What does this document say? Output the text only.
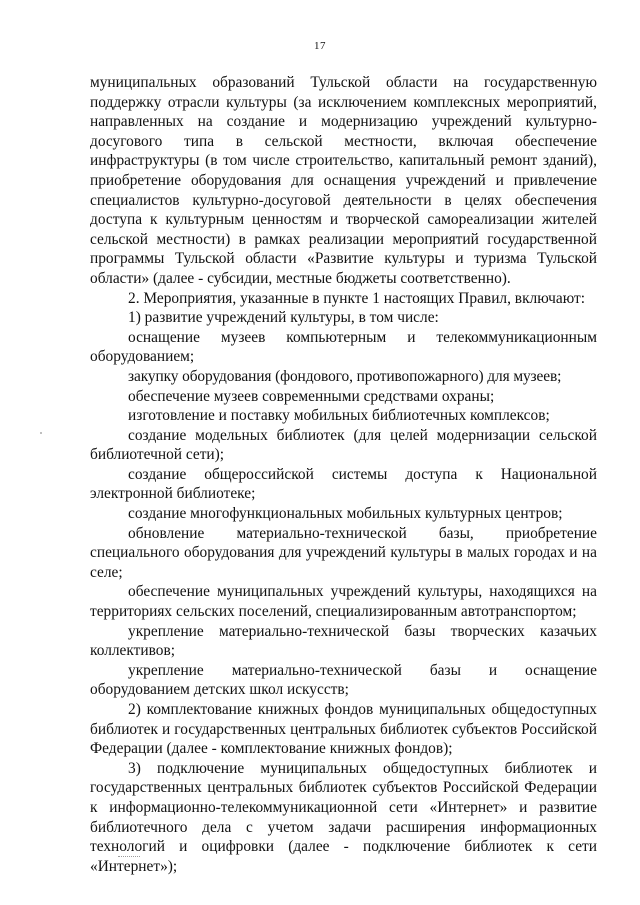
17

муниципальных образований Тульской области на государственную поддержку отрасли культуры (за исключением комплексных мероприятий, направленных на создание и модернизацию учреждений культурно-досугового типа в сельской местности, включая обеспечение инфраструктуры (в том числе строительство, капитальный ремонт зданий), приобретение оборудования для оснащения учреждений и привлечение специалистов культурно-досуговой деятельности в целях обеспечения доступа к культурным ценностям и творческой самореализации жителей сельской местности) в рамках реализации мероприятий государственной программы Тульской области «Развитие культуры и туризма Тульской области» (далее - субсидии, местные бюджеты соответственно).

2. Мероприятия, указанные в пункте 1 настоящих Правил, включают:

1) развитие учреждений культуры, в том числе:

оснащение музеев компьютерным и телекоммуникационным оборудованием;

закупку оборудования (фондового, противопожарного) для музеев;

обеспечение музеев современными средствами охраны;

изготовление и поставку мобильных библиотечных комплексов;

создание модельных библиотек (для целей модернизации сельской библиотечной сети);

создание общероссийской системы доступа к Национальной электронной библиотеке;

создание многофункциональных мобильных культурных центров;

обновление материально-технической базы, приобретение специального оборудования для учреждений культуры в малых городах и на селе;

обеспечение муниципальных учреждений культуры, находящихся на территориях сельских поселений, специализированным автотранспортом;

укрепление материально-технической базы творческих казачьих коллективов;

укрепление материально-технической базы и оснащение оборудованием детских школ искусств;

2) комплектование книжных фондов муниципальных общедоступных библиотек и государственных центральных библиотек субъектов Российской Федерации (далее - комплектование книжных фондов);

3) подключение муниципальных общедоступных библиотек и государственных центральных библиотек субъектов Российской Федерации к информационно-телекоммуникационной сети «Интернет» и развитие библиотечного дела с учетом задачи расширения информационных технологий и оцифровки (далее - подключение библиотек к сети «Интернет»);
